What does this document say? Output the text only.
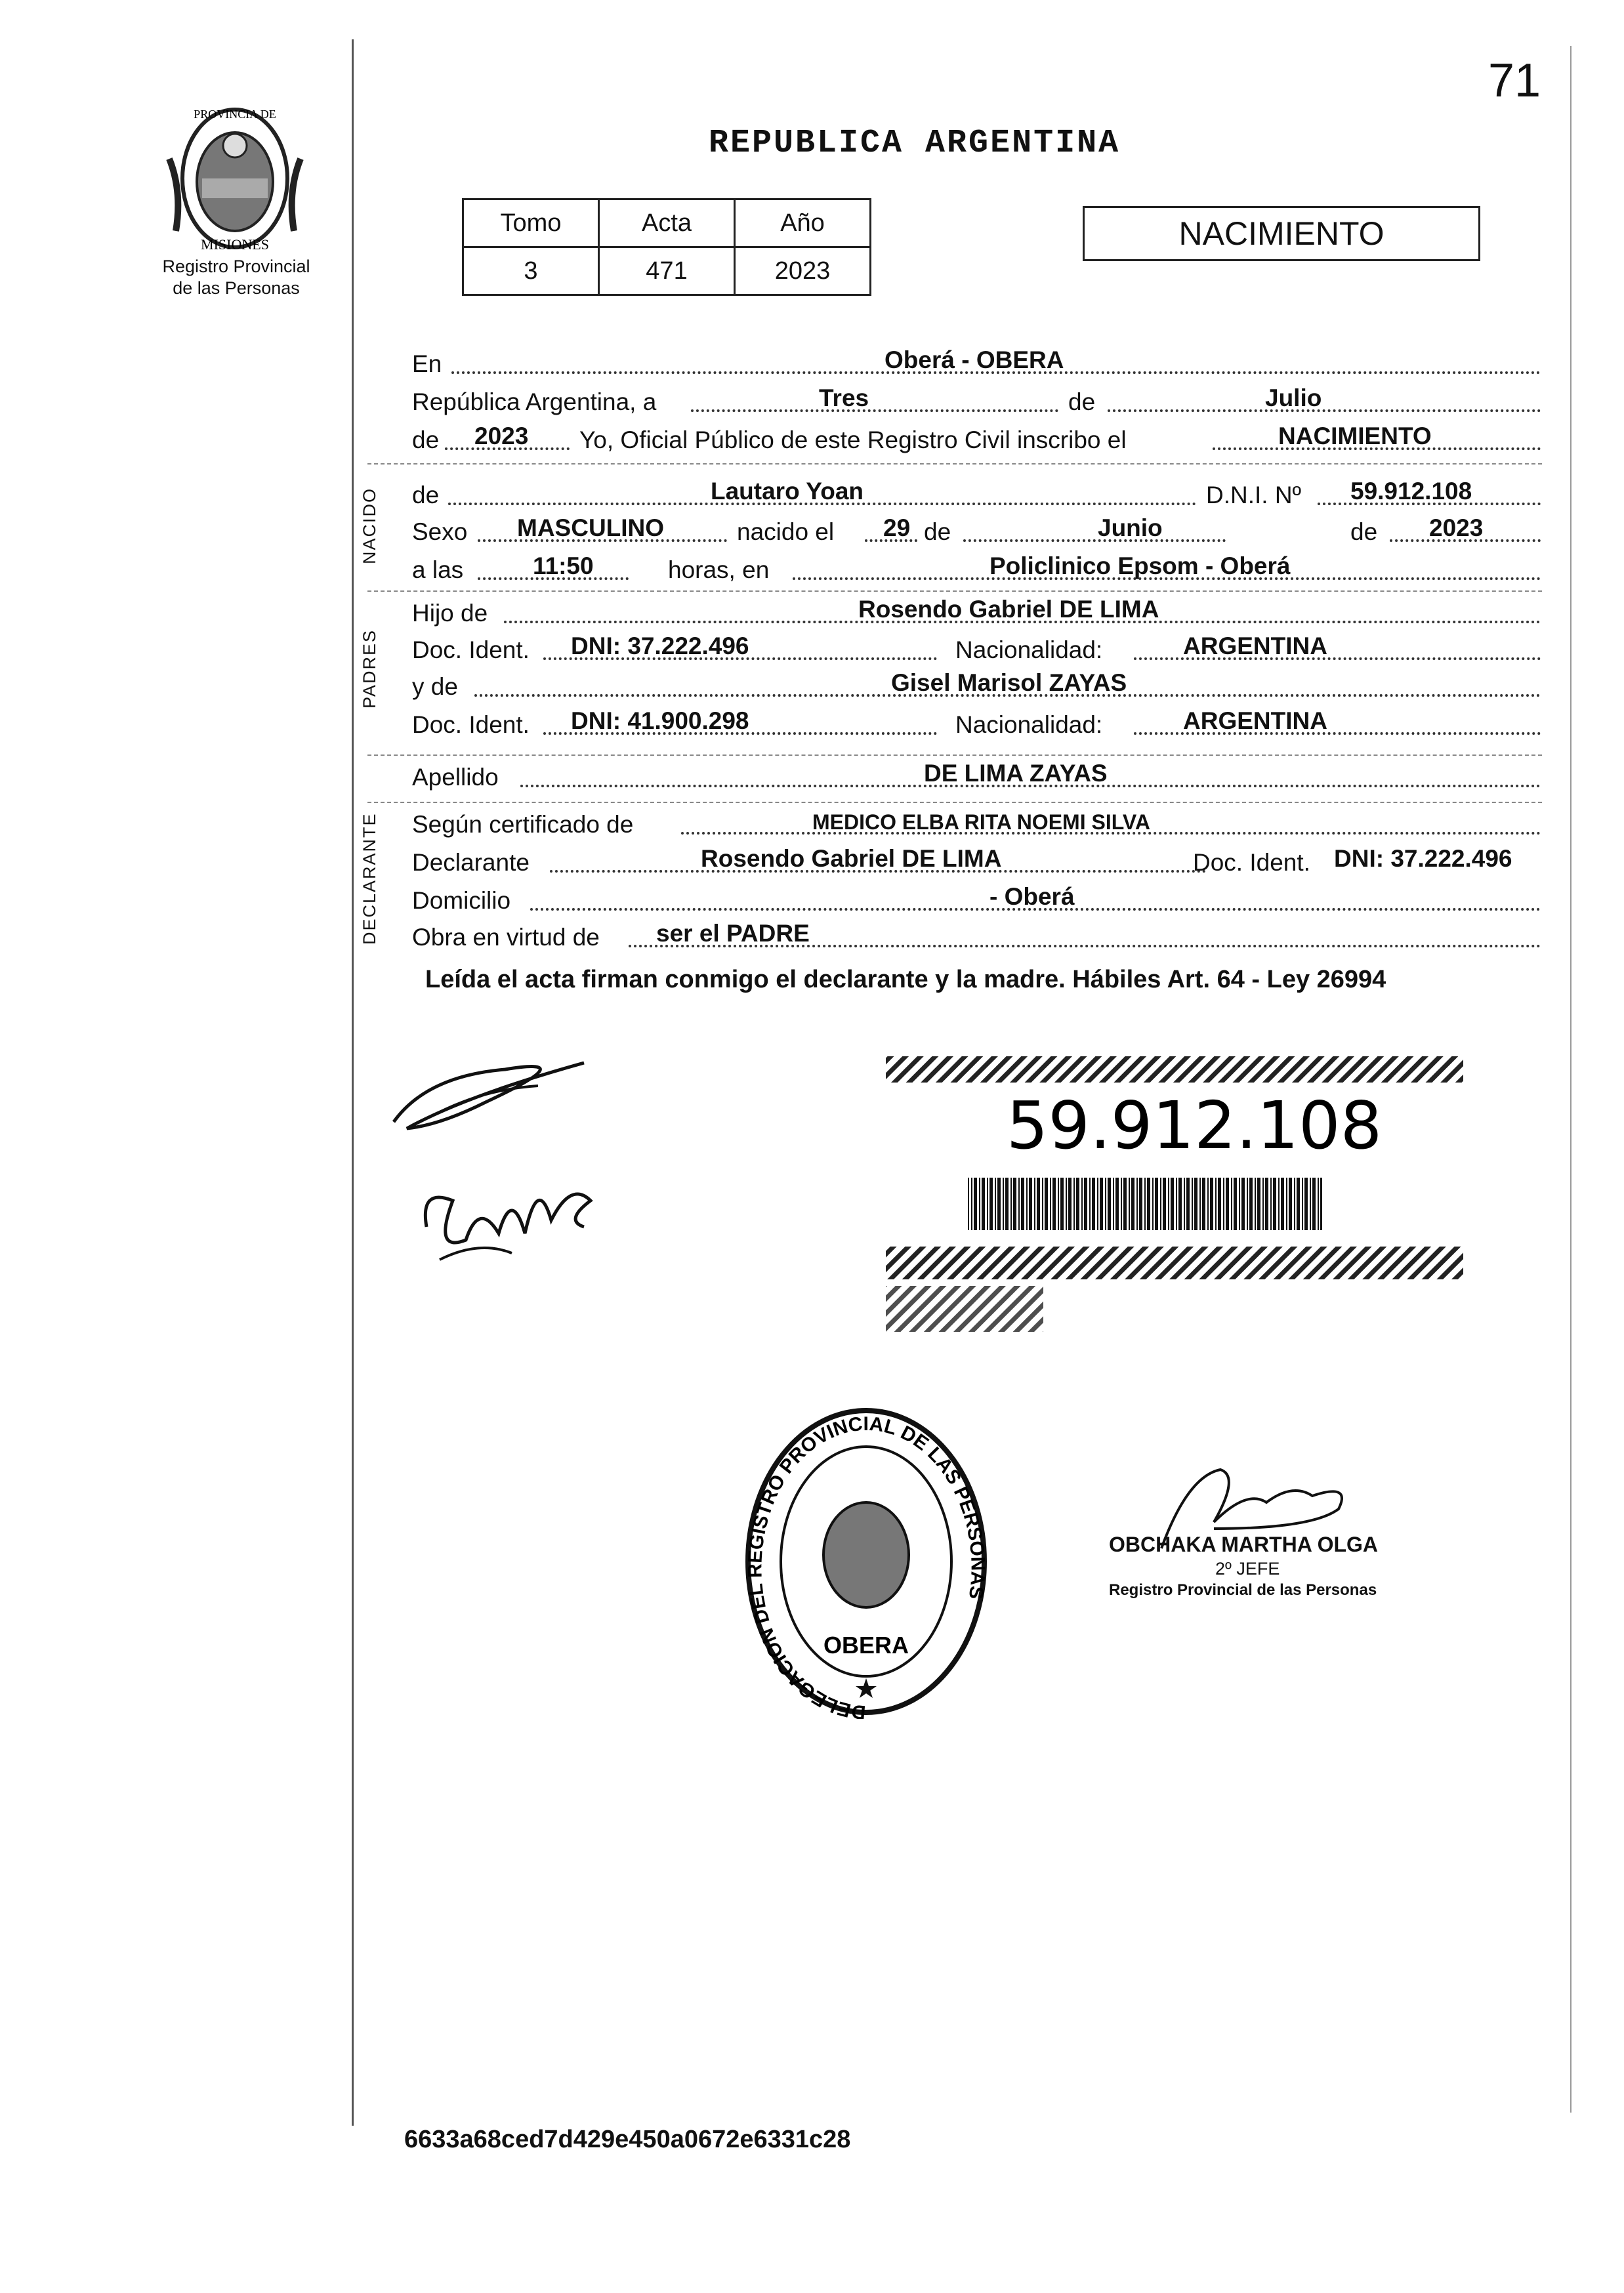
71
PROVINCIA DE
MISIONES
Registro Provincial
de las Personas
REPUBLICA ARGENTINA
Tomo	Acta	Año
3	471	2023
NACIMIENTO
En	Oberá - OBERA
República Argentina, a	Tres	de	Julio
de 2023 Yo, Oficial Público de este Registro Civil inscribo el	NACIMIENTO
NACIDO de	Lautaro Yoan	D.N.I. Nº 59.912.108
Sexo MASCULINO	nacido el 29 de	Junio	de 2023
a las	11:50	horas, en	Policlinico Epsom - Oberá
PADRES
Hijo de	Rosendo Gabriel DE LIMA
Doc. Ident. DNI: 37.222.496	Nacionalidad:	ARGENTINA
y de	Gisel Marisol ZAYAS
Doc. Ident. DNI: 41.900.298	Nacionalidad:	ARGENTINA
Apellido	DE LIMA ZAYAS
DECLARANTE Según certificado de	MEDICO ELBA RITA NOEMI SILVA
Declarante	Rosendo Gabriel DE LIMA	Doc. Ident. DNI: 37.222.496
Domicilio	- Oberá
Obra en virtud de ser el PADRE
Leída el acta firman conmigo el declarante y la madre. Hábiles Art. 64 - Ley 26994
59.912.108
DELEGACION DEL REGISTRO PROVINCIAL DE LAS PERSONAS
OBERA
OBCHAKA MARTHA OLGA
2º JEFE
Registro Provincial de las Personas
6633a68ced7d429e450a0672e6331c28
